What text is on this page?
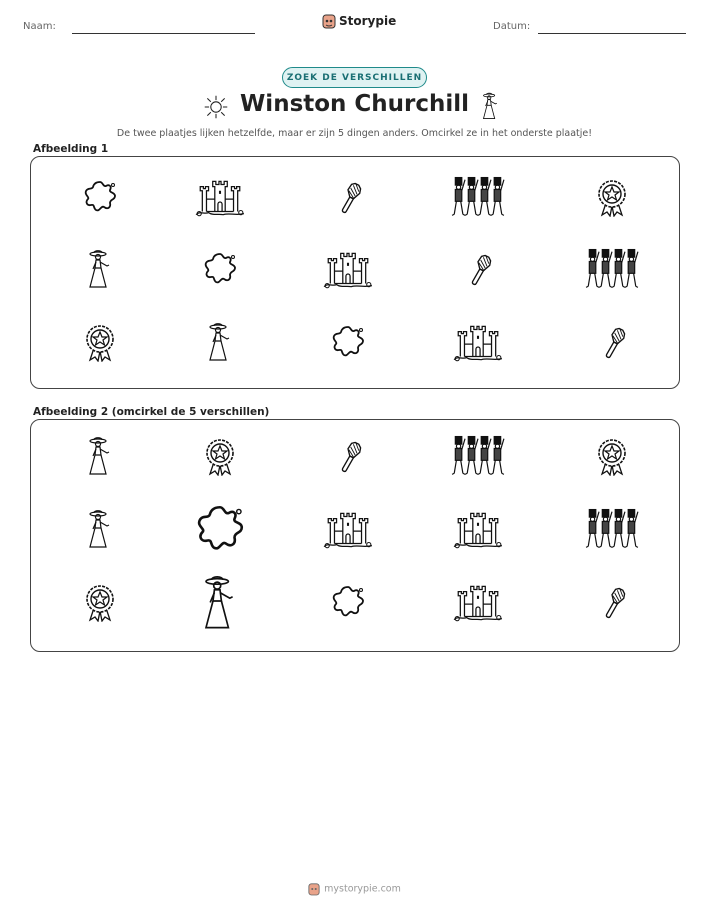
Naam:	Storypie	Datum:
ZOEK DE VERSCHILLEN
Winston Churchill
De twee plaatjes lijken hetzelfde, maar er zijn 5 dingen anders. Omcirkel ze in het onderste plaatje!
Afbeelding 1
Afbeelding 2 (omcirkel de 5 verschillen)
mystorypie.com
